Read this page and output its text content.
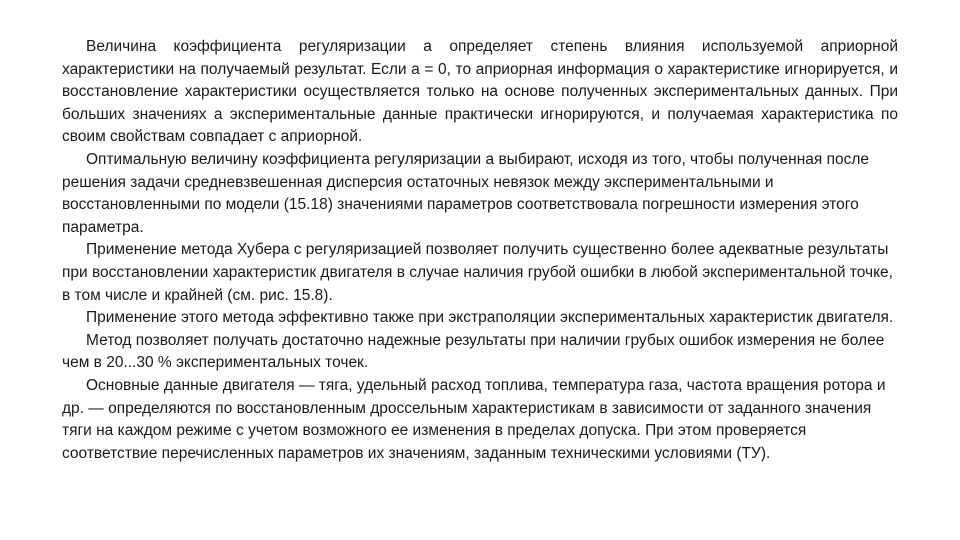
Величина коэффициента регуляризации а определяет степень влияния используемой априорной характеристики на получаемый результат. Если а = 0, то априорная информация о характеристике игнорируется, и восстановление характеристики осуществляется только на основе полученных экспериментальных данных. При больших значениях а экспериментальные данные практически игнорируются, и получаемая характеристика по своим свойствам совпадает с априорной.

Оптимальную величину коэффициента регуляризации а выбирают, исходя из того, чтобы полученная после решения задачи средневзвешенная дисперсия остаточных невязок между экспериментальными и восстановленными по модели (15.18) значениями параметров соответствовала погрешности измерения этого параметра.

Применение метода Хубера с регуляризацией позволяет получить существенно более адекватные результаты при восстановлении характеристик двигателя в случае наличия грубой ошибки в любой экспериментальной точке, в том числе и крайней (см. рис. 15.8).

Применение этого метода эффективно также при экстраполяции экспериментальных характеристик двигателя.

Метод позволяет получать достаточно надежные результаты при наличии грубых ошибок измерения не более чем в 20...30 % экспериментальных точек.

Основные данные двигателя — тяга, удельный расход топлива, температура газа, частота вращения ротора и др. — определяются по восстановленным дроссельным характеристикам в зависимости от заданного значения тяги на каждом режиме с учетом возможного ее изменения в пределах допуска. При этом проверяется соответствие перечисленных параметров их значениям, заданным техническими условиями (ТУ).
